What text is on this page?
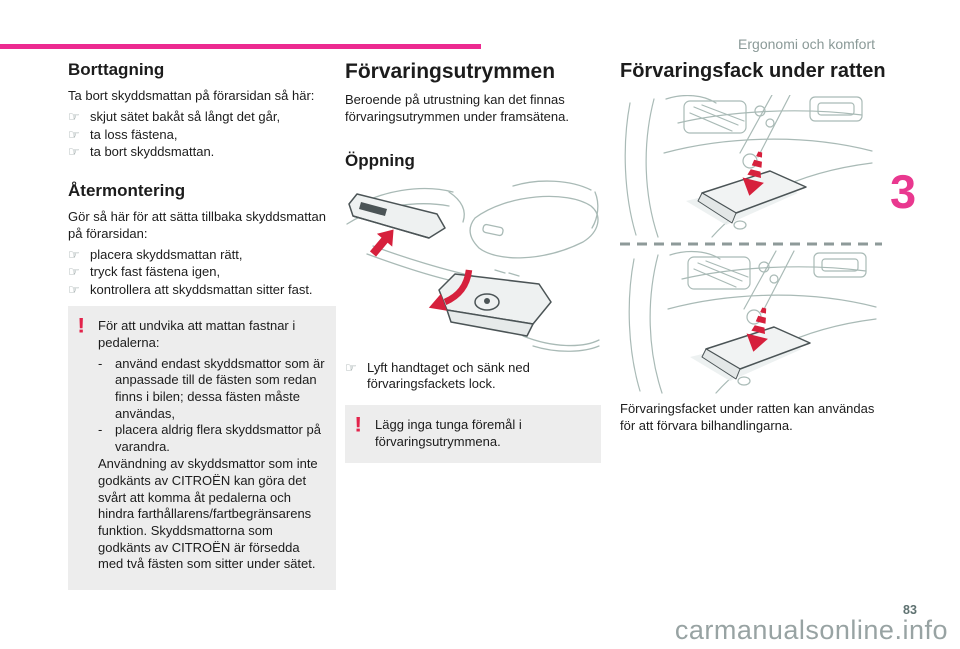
Ergonomi och komfort
3
Borttagning

Ta bort skyddsmattan på förarsidan så här:

☞ skjut sätet bakåt så långt det går,
☞ ta loss fästena,
☞ ta bort skyddsmattan.
Återmontering

Gör så här för att sätta tillbaka skyddsmattan på förarsidan:

☞ placera skyddsmattan rätt,
☞ tryck fast fästena igen,
☞ kontrollera att skyddsmattan sitter fast.
! För att undvika att mattan fastnar i pedalerna:

- använd endast skyddsmattor som är anpassade till de fästen som redan finns i bilen; dessa fästen måste användas,
- placera aldrig flera skyddsmattor på varandra.

Användning av skyddsmattor som inte godkänts av CITROËN kan göra det svårt att komma åt pedalerna och hindra farthållarens/fartbegränsarens funktion. Skyddsmattorna som godkänts av CITROËN är försedda med två fästen som sitter under sätet.

Förvaringsutrymmen

Beroende på utrustning kan det finnas förvaringsutrymmen under framsätena.

Öppning
☞ Lyft handtaget och sänk ned förvaringsfackets lock.
! Lägg inga tunga föremål i förvaringsutrymmena.

Förvaringsfack under ratten

Förvaringsfacket under ratten kan användas för att förvara bilhandlingarna.

83
carmanualsonline.info
